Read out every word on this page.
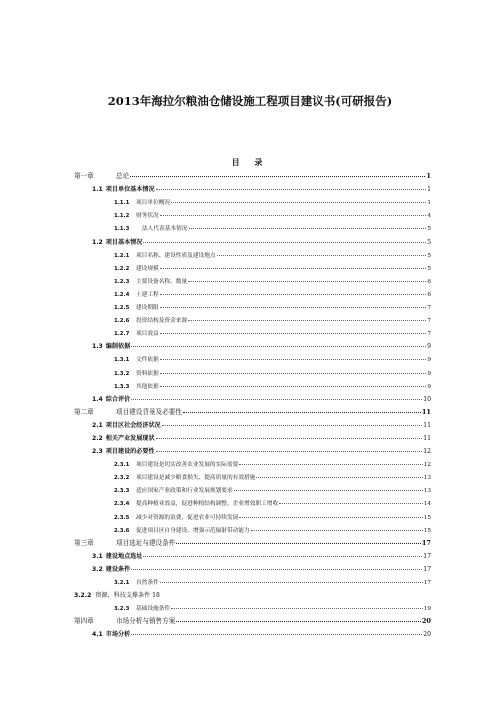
2013年海拉尔粮油仓储设施工程项目建议书(可研报告)
目 录
第一章	总论	1
1.1 项目单位基本情况	1
1.1.1 项目单位概况	1
1.1.2 财务状况	4
1.1.3 法人代表基本情况	5
1.2 项目基本情况	5
1.2.1 项目名称、建设性质及建设地点	5
1.2.2 建设规模	5
1.2.3 主要设备名称、数量	6
1.2.4 土建工程	6
1.2.5 建设期限	7
1.2.6 投资结构及资金来源	7
1.2.7 项目效益	7
1.3 编制依据	9
1.3.1 文件依据	9
1.3.2 资料依据	9
1.3.3 其他依据	9
1.4 综合评价	10
第二章	项目建设背景及必要性	11
2.1 项目区社会经济状况	11
2.2 相关产业发展现状	11
2.3 项目建设的必要性	12
2.3.1 项目建设是切实改善农业发展的实际需要	12
2.3.2 项目建设是减少粮食损失、提高质量的有效措施	13
2.3.3 适应国家产业政策和行业发展规划要求	13
2.3.4 提高种植业效益，促进种植结构调整，企业增效职工增收	14
2.3.5 减少对资源的浪费，促进农业可持续发展	15
2.3.6 促进项目区自身建设、增强示范辐射带动能力	15
第三章	项目选址与建设条件	17
3.1 建设地点选址	17
3.2 建设条件	17
3.2.1 自然条件	17
3.2.2 资源、科技支撑条件 18
3.2.3 基础设施条件	19
第四章	市场分析与销售方案	20
4.1 市场分析	20
